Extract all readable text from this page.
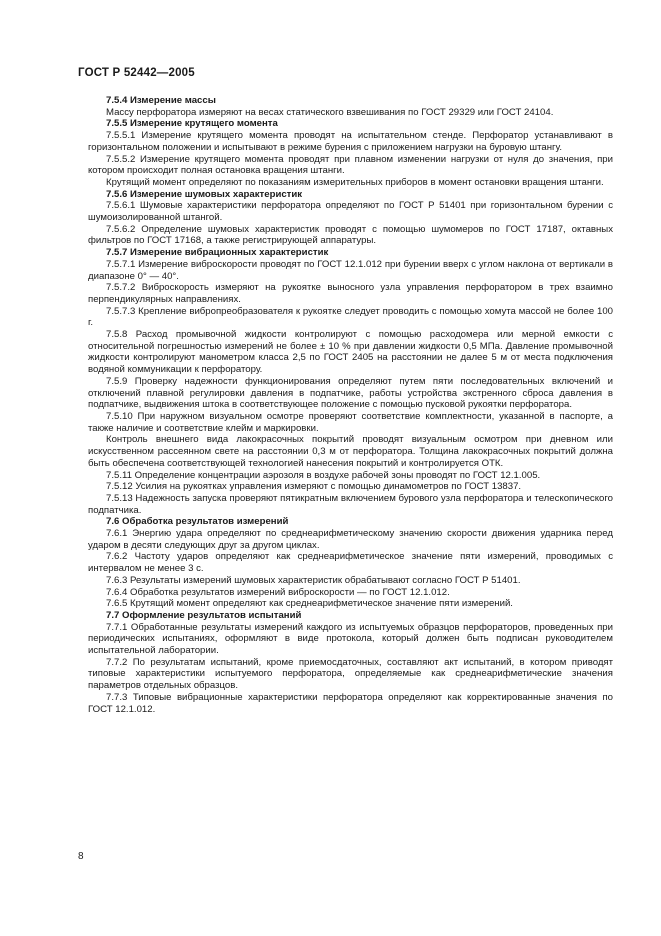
ГОСТ Р 52442—2005

7.5.4 Измерение массы

Массу перфоратора измеряют на весах статического взвешивания по ГОСТ 29329 или ГОСТ 24104.

7.5.5 Измерение крутящего момента

7.5.5.1 Измерение крутящего момента проводят на испытательном стенде. Перфоратор устанавливают в горизонтальном положении и испытывают в режиме бурения с приложением нагрузки на буровую штангу.

7.5.5.2 Измерение крутящего момента проводят при плавном изменении нагрузки от нуля до значения, при котором происходит полная остановка вращения штанги.

Крутящий момент определяют по показаниям измерительных приборов в момент остановки вращения штанги.

7.5.6 Измерение шумовых характеристик

7.5.6.1 Шумовые характеристики перфоратора определяют по ГОСТ Р 51401 при горизонтальном бурении с шумоизолированной штангой.

7.5.6.2 Определение шумовых характеристик проводят с помощью шумомеров по ГОСТ 17187, октавных фильтров по ГОСТ 17168, а также регистрирующей аппаратуры.

7.5.7 Измерение вибрационных характеристик

7.5.7.1 Измерение виброскорости проводят по ГОСТ 12.1.012 при бурении вверх с углом наклона от вертикали в диапазоне 0° — 40°.

7.5.7.2 Виброскорость измеряют на рукоятке выносного узла управления перфоратором в трех взаимно перпендикулярных направлениях.

7.5.7.3 Крепление вибропреобразователя к рукоятке следует проводить с помощью хомута массой не более 100 г.

7.5.8 Расход промывочной жидкости контролируют с помощью расходомера или мерной емкости с относительной погрешностью измерений не более ± 10 % при давлении жидкости 0,5 МПа. Давление промывочной жидкости контролируют манометром класса 2,5 по ГОСТ 2405 на расстоянии не далее 5 м от места подключения водяной коммуникации к перфоратору.

7.5.9 Проверку надежности функционирования определяют путем пяти последовательных включений и отключений плавной регулировки давления в подпатчике, работы устройства экстренного сброса давления в подпатчике, выдвижения штока в соответствующее положение с помощью пусковой рукоятки перфоратора.

7.5.10 При наружном визуальном осмотре проверяют соответствие комплектности, указанной в паспорте, а также наличие и соответствие клейм и маркировки.

Контроль внешнего вида лакокрасочных покрытий проводят визуальным осмотром при дневном или искусственном рассеянном свете на расстоянии 0,3 м от перфоратора. Толщина лакокрасочных покрытий должна быть обеспечена соответствующей технологией нанесения покрытий и контролируется ОТК.

7.5.11 Определение концентрации аэрозоля в воздухе рабочей зоны проводят по ГОСТ 12.1.005.

7.5.12 Усилия на рукоятках управления измеряют с помощью динамометров по ГОСТ 13837.

7.5.13 Надежность запуска проверяют пятикратным включением бурового узла перфоратора и телескопического подпатчика.

7.6 Обработка результатов измерений

7.6.1 Энергию удара определяют по среднеарифметическому значению скорости движения ударника перед ударом в десяти следующих друг за другом циклах.

7.6.2 Частоту ударов определяют как среднеарифметическое значение пяти измерений, проводимых с интервалом не менее 3 с.

7.6.3 Результаты измерений шумовых характеристик обрабатывают согласно ГОСТ Р 51401.

7.6.4 Обработка результатов измерений виброскорости — по ГОСТ 12.1.012.

7.6.5 Крутящий момент определяют как среднеарифметическое значение пяти измерений.

7.7 Оформление результатов испытаний

7.7.1 Обработанные результаты измерений каждого из испытуемых образцов перфораторов, проведенных при периодических испытаниях, оформляют в виде протокола, который должен быть подписан руководителем испытательной лаборатории.

7.7.2 По результатам испытаний, кроме приемосдаточных, составляют акт испытаний, в котором приводят типовые характеристики испытуемого перфоратора, определяемые как среднеарифметические значения параметров отдельных образцов.

7.7.3 Типовые вибрационные характеристики перфоратора определяют как корректированные значения по ГОСТ 12.1.012.

8
